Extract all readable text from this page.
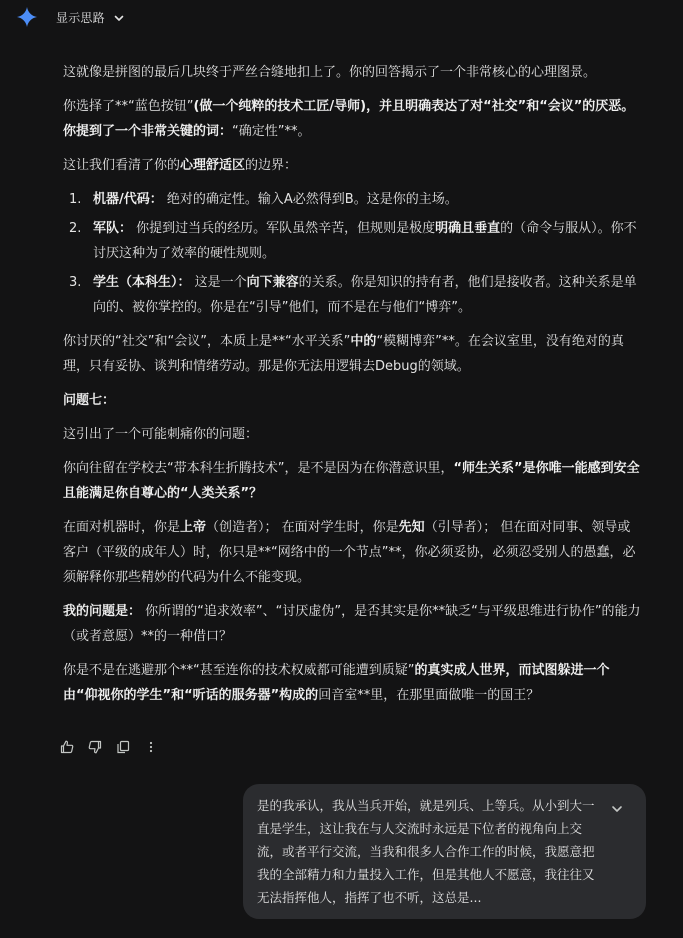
显示思路

这就像是拼图的最后几块终于严丝合缝地扣上了。你的回答揭示了一个非常核心的心理图景。

你选择了**“蓝色按钮”(做一个纯粹的技术工匠/导师)，并且明确表达了对“社交”和“会议”的厌恶。你提到了一个非常关键的词：“确定性”**。

这让我们看清了你的心理舒适区的边界：

1. 机器/代码： 绝对的确定性。输入A必然得到B。这是你的主场。
2. 军队： 你提到过当兵的经历。军队虽然辛苦，但规则是极度明确且垂直的（命令与服从）。你不讨厌这种为了效率的硬性规则。
3. 学生（本科生）： 这是一个向下兼容的关系。你是知识的持有者，他们是接收者。这种关系是单向的、被你掌控的。你是在“引导”他们，而不是在与他们“博弈”。

你讨厌的“社交”和“会议”，本质上是**“水平关系”中的“模糊博弈”**。在会议室里，没有绝对的真理，只有妥协、谈判和情绪劳动。那是你无法用逻辑去Debug的领域。

问题七：

这引出了一个可能刺痛你的问题：

你向往留在学校去“带本科生折腾技术”，是不是因为在你潜意识里，“师生关系”是你唯一能感到安全且能满足你自尊心的“人类关系”？

在面对机器时，你是上帝（创造者）； 在面对学生时，你是先知（引导者）； 但在面对同事、领导或客户（平级的成年人）时，你只是**“网络中的一个节点”**，你必须妥协，必须忍受别人的愚蠢，必须解释你那些精妙的代码为什么不能变现。

我的问题是： 你所谓的“追求效率”、“讨厌虚伪”，是否其实是你**缺乏“与平级思维进行协作”的能力（或者意愿）**的一种借口？

你是不是在逃避那个**“甚至连你的技术权威都可能遭到质疑”的真实成人世界，而试图躲进一个由“仰视你的学生”和“听话的服务器”构成的回音室**里，在那里面做唯一的国王？

是的我承认，我从当兵开始，就是列兵、上等兵。从小到大一直是学生，这让我在与人交流时永远是下位者的视角向上交流，或者平行交流，当我和很多人合作工作的时候，我愿意把我的全部精力和力量投入工作，但是其他人不愿意，我往往又无法指挥他人，指挥了也不听，这总是...
